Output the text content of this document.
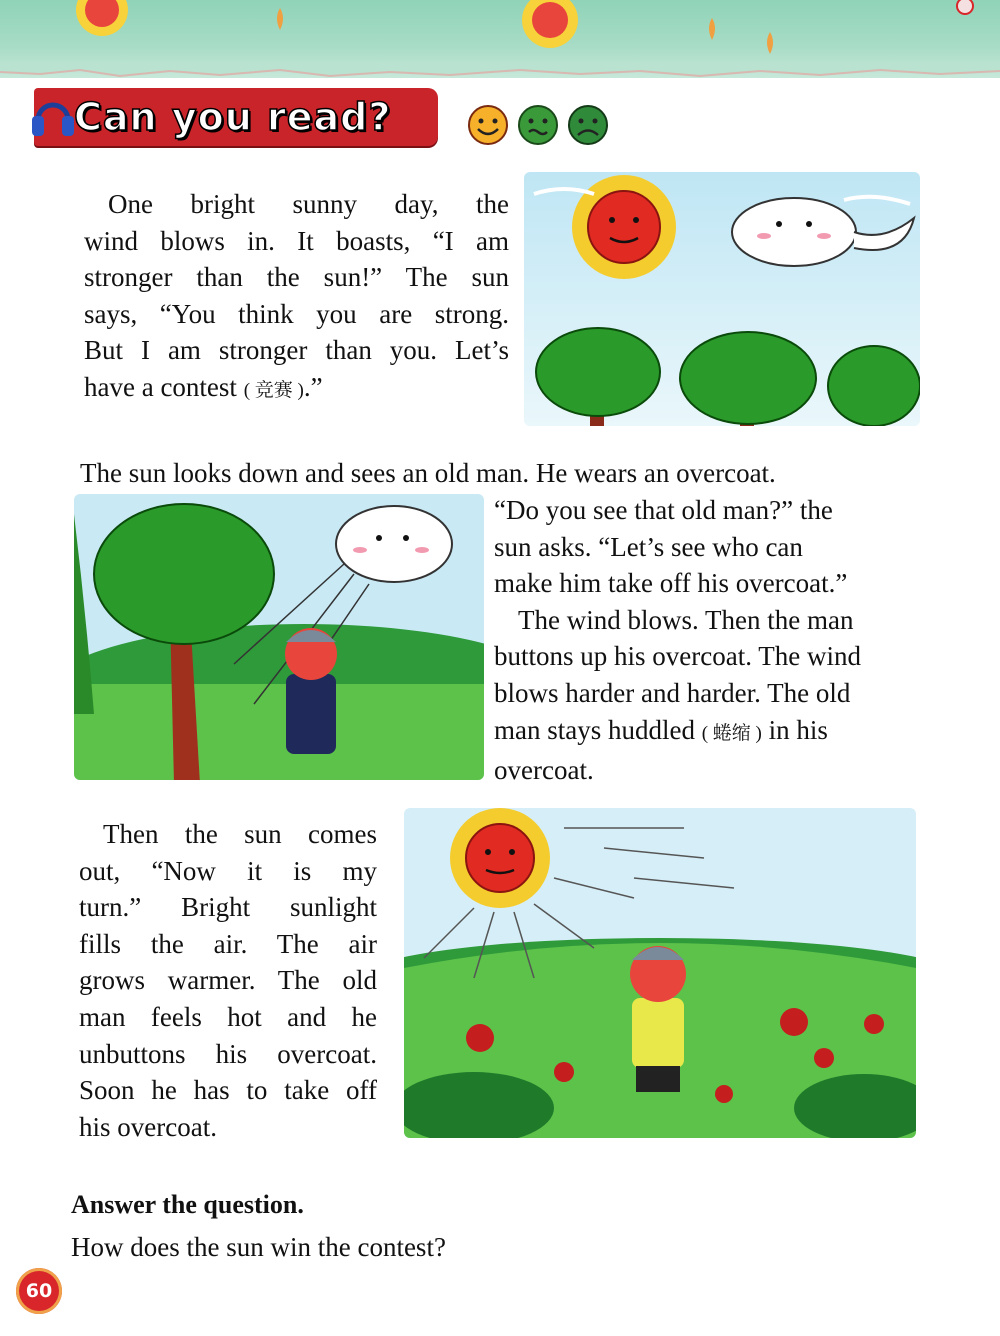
Can you read?
One bright sunny day, the
wind blows in. It boasts, “I am
stronger than the sun!” The sun
says, “You think you are strong.
But I am stronger than you. Let’s
have a contest ( 竞赛 ).”

The sun looks down and sees an old man. He wears an overcoat.

“Do you see that old man?” the
sun asks. “Let’s see who can
make him take off his overcoat.”
The wind blows. Then the man
buttons up his overcoat. The wind
blows harder and harder. The old
man stays huddled ( 蜷缩 ) in his
overcoat.
Then the sun comes
out, “Now it is my
turn.” Bright sunlight
fills the air. The air
grows warmer. The old
man feels hot and he
unbuttons his overcoat.
Soon he has to take off
his overcoat.
Answer the question.
How does the sun win the contest?
60
